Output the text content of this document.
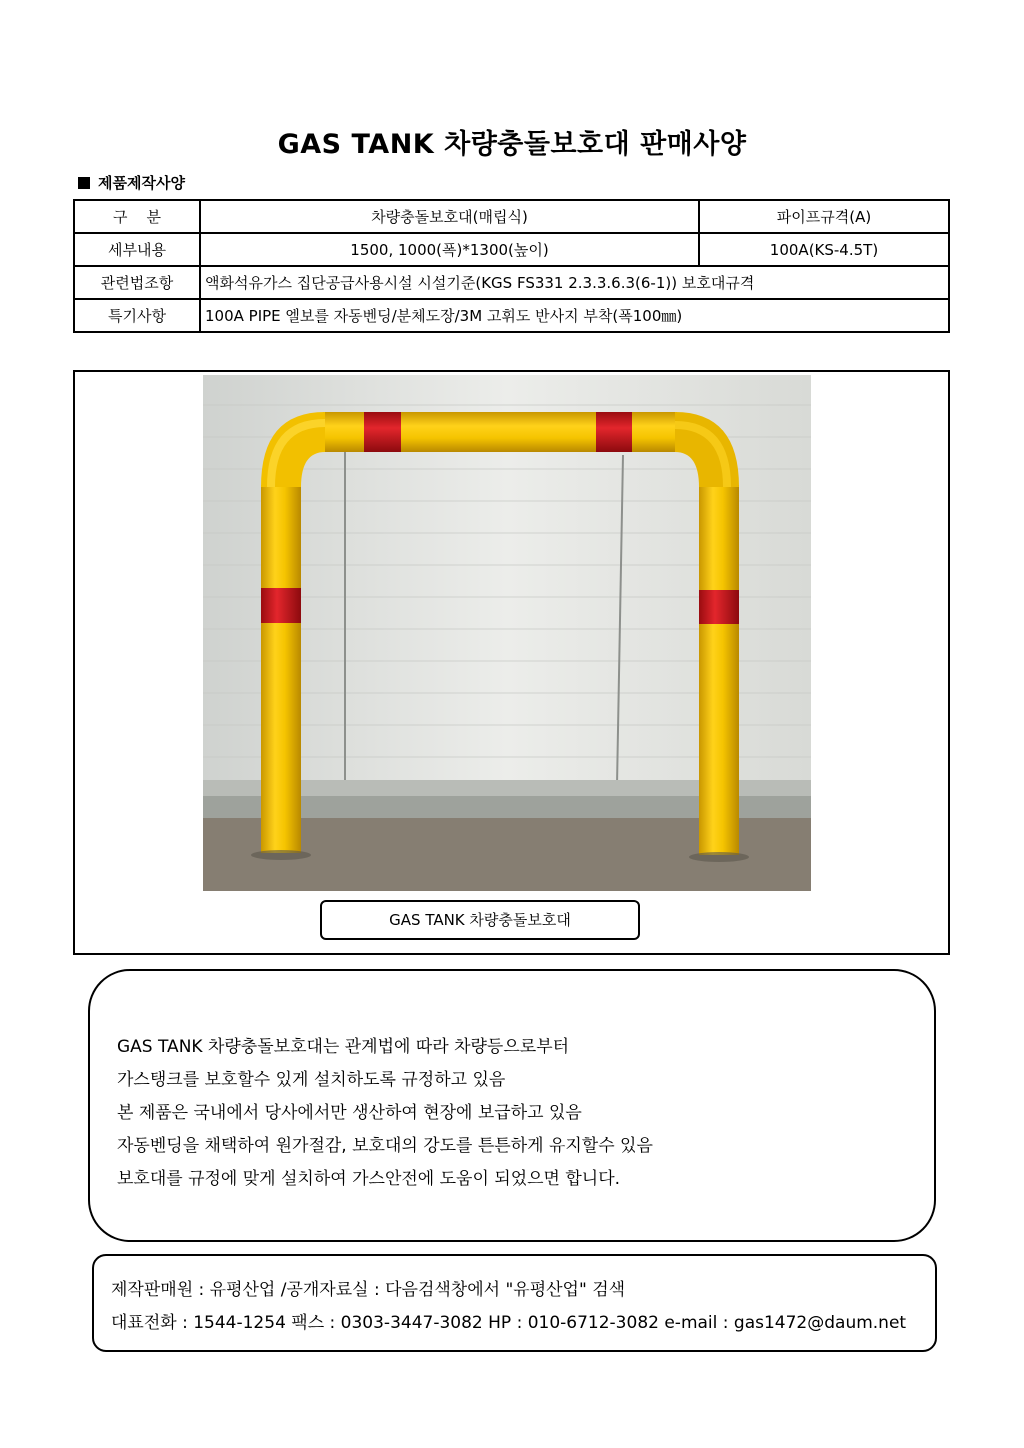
GAS TANK 차량충돌보호대 판매사양
제품제작사양
구    분	차량충돌보호대(매립식)	파이프규격(A)
세부내용	1500, 1000(폭)*1300(높이)	100A(KS-4.5T)
관련법조항	액화석유가스 집단공급사용시설 시설기준(KGS FS331 2.3.3.6.3(6-1)) 보호대규격	
특기사항	100A PIPE 엘보를 자동벤딩/분체도장/3M 고휘도 반사지 부착(폭100㎜)	
GAS TANK 차량충돌보호대
GAS TANK 차량충돌보호대는 관계법에 따라 차량등으로부터
가스탱크를 보호할수 있게 설치하도록 규정하고 있음
본 제품은 국내에서 당사에서만 생산하여 현장에 보급하고 있음
자동벤딩을 채택하여 원가절감, 보호대의 강도를 튼튼하게 유지할수 있음
보호대를 규정에 맞게 설치하여 가스안전에 도움이 되었으면 합니다.
제작판매원 : 유평산업 /공개자료실 : 다음검색창에서 "유평산업" 검색
대표전화 : 1544-1254 팩스 : 0303-3447-3082 HP : 010-6712-3082 e-mail : gas1472@daum.net
